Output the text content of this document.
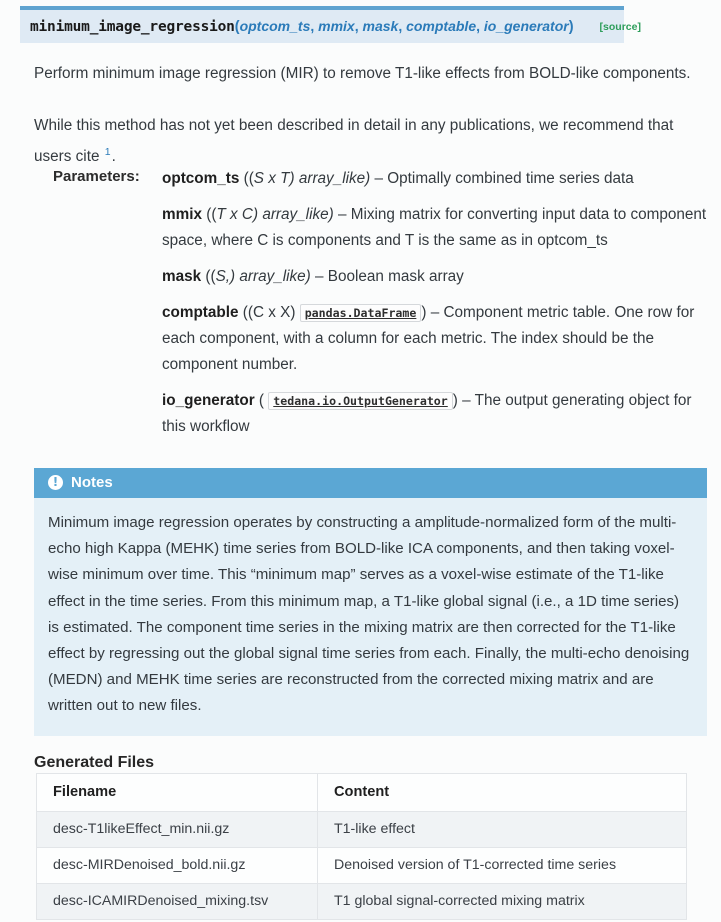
minimum_image_regression(optcom_ts, mmix, mask, comptable, io_generator) [source]

Perform minimum image regression (MIR) to remove T1-like effects from BOLD-like components.

While this method has not yet been described in detail in any publications, we recommend that users cite $^1$.

Parameters: optcom_ts ((S x T) array_like) – Optimally combined time series data
mmix ((T x C) array_like) – Mixing matrix for converting input data to component space, where C is components and T is the same as in optcom_ts
mask ((S,) array_like) – Boolean mask array
comptable ((C x X) pandas.DataFrame ) – Component metric table. One row for each component, with a column for each metric. The index should be the component number.
io_generator ( tedana.io.OutputGenerator ) – The output generating object for this workflow
! Notes
Minimum image regression operates by constructing a amplitude-normalized form of the multi-echo high Kappa (MEHK) time series from BOLD-like ICA components, and then taking voxel-wise minimum over time. This “minimum map” serves as a voxel-wise estimate of the T1-like effect in the time series. From this minimum map, a T1-like global signal (i.e., a 1D time series) is estimated. The component time series in the mixing matrix are then corrected for the T1-like effect by regressing out the global signal time series from each. Finally, the multi-echo denoising (MEDN) and MEHK time series are reconstructed from the corrected mixing matrix and are written out to new files.
Generated Files
Filename	Content
desc-T1likeEffect_min.nii.gz	T1-like effect
desc-MIRDenoised_bold.nii.gz	Denoised version of T1-corrected time series
desc-ICAMIRDenoised_mixing.tsv	T1 global signal-corrected mixing matrix
